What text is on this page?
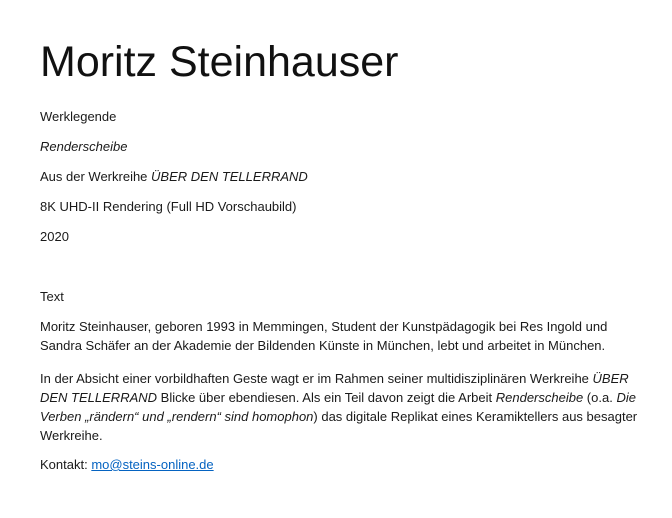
Moritz Steinhauser
Werklegende
Renderscheibe
Aus der Werkreihe ÜBER DEN TELLERRAND
8K UHD-II Rendering (Full HD Vorschaubild)
2020
Text
Moritz Steinhauser, geboren 1993 in Memmingen, Student der Kunstpädagogik bei Res Ingold und Sandra Schäfer an der Akademie der Bildenden Künste in München, lebt und arbeitet in München.
In der Absicht einer vorbildhaften Geste wagt er im Rahmen seiner multidisziplinären Werkreihe ÜBER DEN TELLERRAND Blicke über ebendiesen. Als ein Teil davon zeigt die Arbeit Renderscheibe (o.a. Die Verben „rändern“ und „rendern“ sind homophon) das digitale Replikat eines Keramiktellers aus besagter Werkreihe.
Kontakt: mo@steins-online.de
